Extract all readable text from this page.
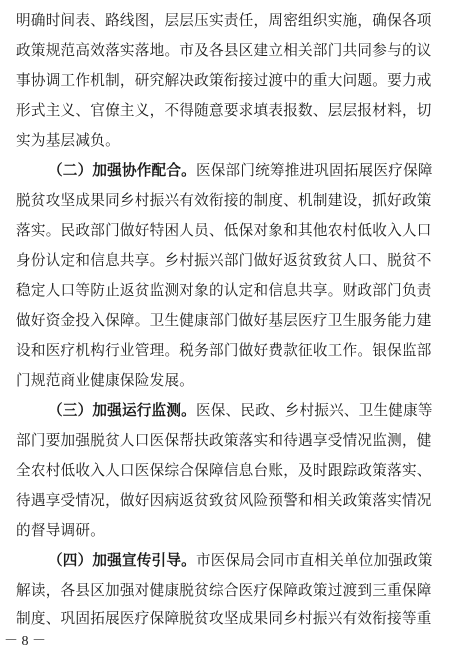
明确时间表、路线图，层层压实责任，周密组织实施，确保各项
政策规范高效落实落地。市及各县区建立相关部门共同参与的议
事协调工作机制，研究解决政策衔接过渡中的重大问题。要力戒
形式主义、官僚主义，不得随意要求填表报数、层层报材料，切
实为基层减负。
（二）加强协作配合。医保部门统筹推进巩固拓展医疗保障
脱贫攻坚成果同乡村振兴有效衔接的制度、机制建设，抓好政策
落实。民政部门做好特困人员、低保对象和其他农村低收入人口
身份认定和信息共享。乡村振兴部门做好返贫致贫人口、脱贫不
稳定人口等防止返贫监测对象的认定和信息共享。财政部门负责
做好资金投入保障。卫生健康部门做好基层医疗卫生服务能力建
设和医疗机构行业管理。税务部门做好费款征收工作。银保监部
门规范商业健康保险发展。
（三）加强运行监测。医保、民政、乡村振兴、卫生健康等
部门要加强脱贫人口医保帮扶政策落实和待遇享受情况监测，健
全农村低收入人口医保综合保障信息台账，及时跟踪政策落实、
待遇享受情况，做好因病返贫致贫风险预警和相关政策落实情况
的督导调研。
（四）加强宣传引导。市医保局会同市直相关单位加强政策
解读，各县区加强对健康脱贫综合医疗保障政策过渡到三重保障
制度、巩固拓展医疗保障脱贫攻坚成果同乡村振兴有效衔接等重
－ 8 －
